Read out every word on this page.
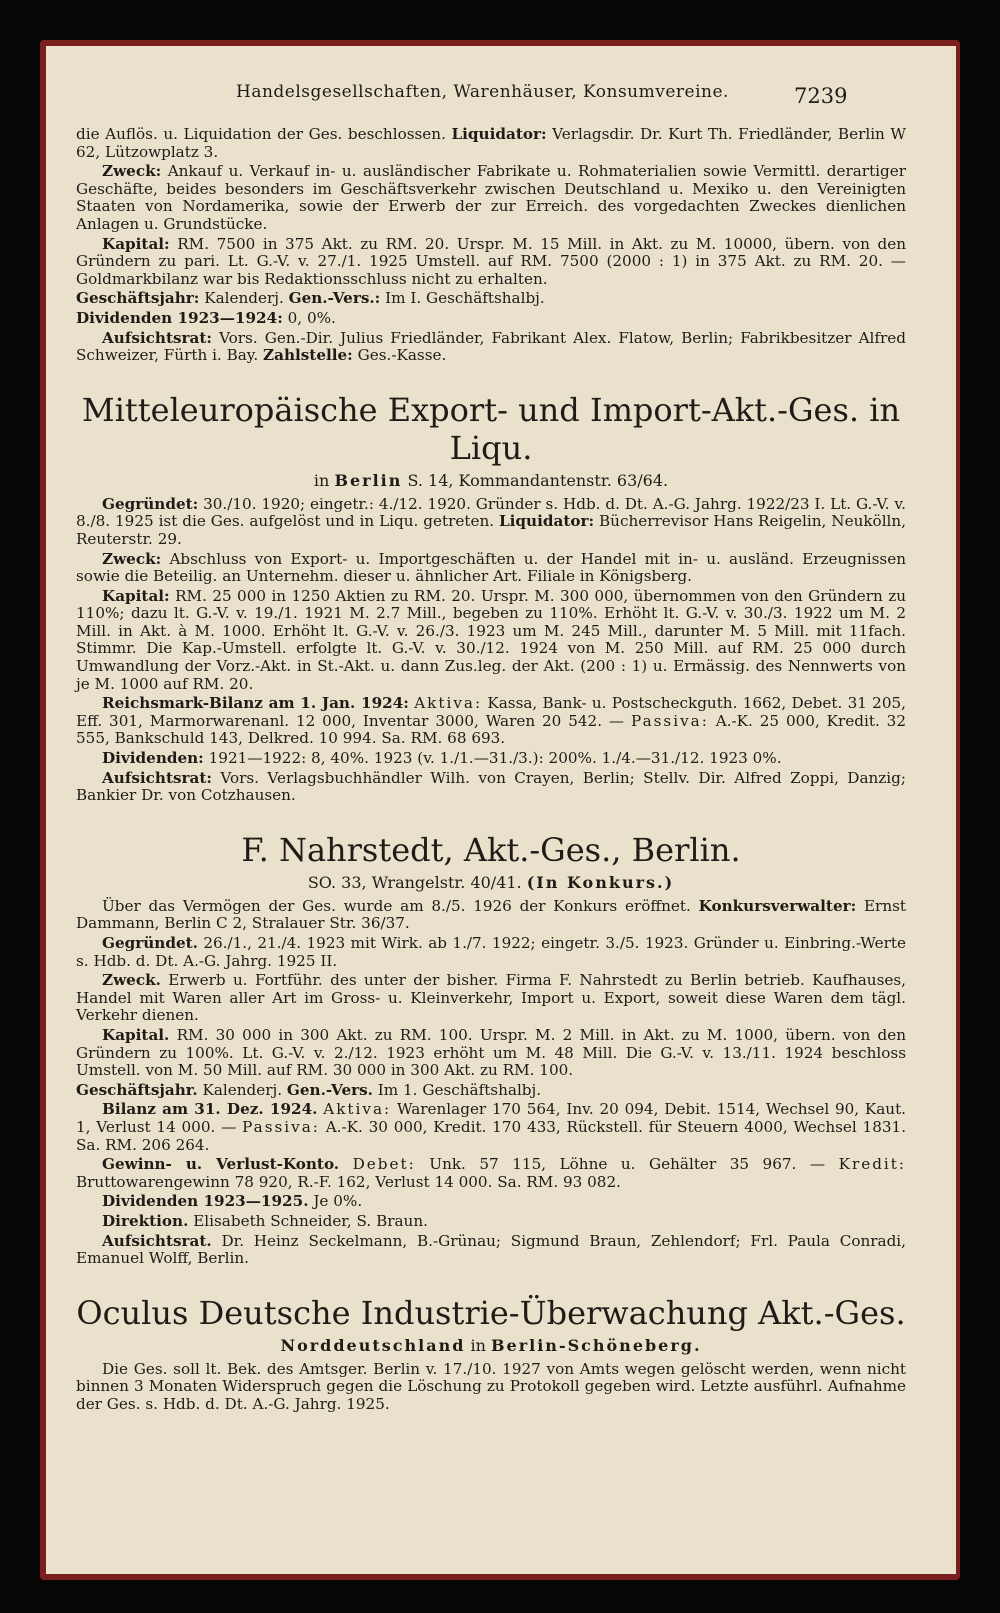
Handelsgesellschaften, Warenhäuser, Konsumvereine.	7239

die Auflös. u. Liquidation der Ges. beschlossen. Liquidator: Verlagsdir. Dr. Kurt Th. Friedländer, Berlin W 62, Lützowplatz 3.

Zweck: Ankauf u. Verkauf in- u. ausländischer Fabrikate u. Rohmaterialien sowie Vermittl. derartiger Geschäfte, beides besonders im Geschäftsverkehr zwischen Deutschland u. Mexiko u. den Vereinigten Staaten von Nordamerika, sowie der Erwerb der zur Erreich. des vorgedachten Zweckes dienlichen Anlagen u. Grundstücke.

Kapital: RM. 7500 in 375 Akt. zu RM. 20. Urspr. M. 15 Mill. in Akt. zu M. 10000, übern. von den Gründern zu pari. Lt. G.-V. v. 27./1. 1925 Umstell. auf RM. 7500 (2000 : 1) in 375 Akt. zu RM. 20. — Goldmarkbilanz war bis Redaktionsschluss nicht zu erhalten.

Geschäftsjahr: Kalenderj. Gen.-Vers.: Im I. Geschäftshalbj.

Dividenden 1923—1924: 0, 0%.

Aufsichtsrat: Vors. Gen.-Dir. Julius Friedländer, Fabrikant Alex. Flatow, Berlin; Fabrikbesitzer Alfred Schweizer, Fürth i. Bay. Zahlstelle: Ges.-Kasse.

Mitteleuropäische Export- und Import-Akt.-Ges. in Liqu.
in Berlin S. 14, Kommandantenstr. 63/64.

Gegründet: 30./10. 1920; eingetr.: 4./12. 1920. Gründer s. Hdb. d. Dt. A.-G. Jahrg. 1922/23 I. Lt. G.-V. v. 8./8. 1925 ist die Ges. aufgelöst und in Liqu. getreten. Liquidator: Bücherrevisor Hans Reigelin, Neukölln, Reuterstr. 29.

Zweck: Abschluss von Export- u. Importgeschäften u. der Handel mit in- u. ausländ. Erzeugnissen sowie die Beteilig. an Unternehm. dieser u. ähnlicher Art. Filiale in Königsberg.

Kapital: RM. 25 000 in 1250 Aktien zu RM. 20. Urspr. M. 300 000, übernommen von den Gründern zu 110%; dazu lt. G.-V. v. 19./1. 1921 M. 2.7 Mill., begeben zu 110%. Erhöht lt. G.-V. v. 30./3. 1922 um M. 2 Mill. in Akt. à M. 1000. Erhöht lt. G.-V. v. 26./3. 1923 um M. 245 Mill., darunter M. 5 Mill. mit 11fach. Stimmr. Die Kap.-Umstell. erfolgte lt. G.-V. v. 30./12. 1924 von M. 250 Mill. auf RM. 25 000 durch Umwandlung der Vorz.-Akt. in St.-Akt. u. dann Zus.leg. der Akt. (200 : 1) u. Ermässig. des Nennwerts von je M. 1000 auf RM. 20.

Reichsmark-Bilanz am 1. Jan. 1924: Aktiva: Kassa, Bank- u. Postscheckguth. 1662, Debet. 31 205, Eff. 301, Marmorwarenanl. 12 000, Inventar 3000, Waren 20 542. — Passiva: A.-K. 25 000, Kredit. 32 555, Bankschuld 143, Delkred. 10 994. Sa. RM. 68 693.

Dividenden: 1921—1922: 8, 40%. 1923 (v. 1./1.—31./3.): 200%. 1./4.—31./12. 1923 0%.

Aufsichtsrat: Vors. Verlagsbuchhändler Wilh. von Crayen, Berlin; Stellv. Dir. Alfred Zoppi, Danzig; Bankier Dr. von Cotzhausen.

F. Nahrstedt, Akt.-Ges., Berlin.
SO. 33, Wrangelstr. 40/41. (In Konkurs.)

Über das Vermögen der Ges. wurde am 8./5. 1926 der Konkurs eröffnet. Konkursverwalter: Ernst Dammann, Berlin C 2, Stralauer Str. 36/37.

Gegründet. 26./1., 21./4. 1923 mit Wirk. ab 1./7. 1922; eingetr. 3./5. 1923. Gründer u. Einbring.-Werte s. Hdb. d. Dt. A.-G. Jahrg. 1925 II.

Zweck. Erwerb u. Fortführ. des unter der bisher. Firma F. Nahrstedt zu Berlin betrieb. Kaufhauses, Handel mit Waren aller Art im Gross- u. Kleinverkehr, Import u. Export, soweit diese Waren dem tägl. Verkehr dienen.

Kapital. RM. 30 000 in 300 Akt. zu RM. 100. Urspr. M. 2 Mill. in Akt. zu M. 1000, übern. von den Gründern zu 100%. Lt. G.-V. v. 2./12. 1923 erhöht um M. 48 Mill. Die G.-V. v. 13./11. 1924 beschloss Umstell. von M. 50 Mill. auf RM. 30 000 in 300 Akt. zu RM. 100.

Geschäftsjahr. Kalenderj. Gen.-Vers. Im 1. Geschäftshalbj.

Bilanz am 31. Dez. 1924. Aktiva: Warenlager 170 564, Inv. 20 094, Debit. 1514, Wechsel 90, Kaut. 1, Verlust 14 000. — Passiva: A.-K. 30 000, Kredit. 170 433, Rückstell. für Steuern 4000, Wechsel 1831. Sa. RM. 206 264.

Gewinn- u. Verlust-Konto. Debet: Unk. 57 115, Löhne u. Gehälter 35 967. — Kredit: Bruttowarengewinn 78 920, R.-F. 162, Verlust 14 000. Sa. RM. 93 082.

Dividenden 1923—1925. Je 0%.

Direktion. Elisabeth Schneider, S. Braun.

Aufsichtsrat. Dr. Heinz Seckelmann, B.-Grünau; Sigmund Braun, Zehlendorf; Frl. Paula Conradi, Emanuel Wolff, Berlin.

Oculus Deutsche Industrie-Überwachung Akt.-Ges.
Norddeutschland in Berlin-Schöneberg.

Die Ges. soll lt. Bek. des Amtsger. Berlin v. 17./10. 1927 von Amts wegen gelöscht werden, wenn nicht binnen 3 Monaten Widerspruch gegen die Löschung zu Protokoll gegeben wird. Letzte ausführl. Aufnahme der Ges. s. Hdb. d. Dt. A.-G. Jahrg. 1925.
